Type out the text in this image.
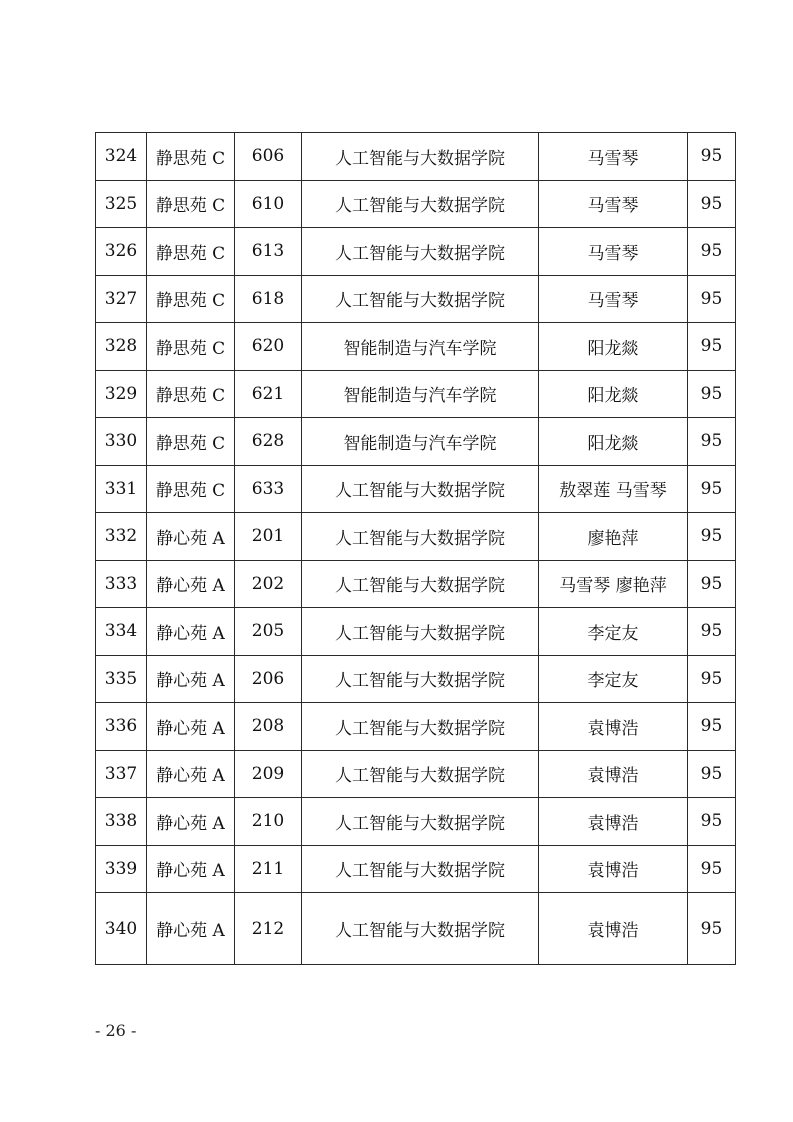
324	静思苑 C	606	人工智能与大数据学院	马雪琴	95
325	静思苑 C	610	人工智能与大数据学院	马雪琴	95
326	静思苑 C	613	人工智能与大数据学院	马雪琴	95
327	静思苑 C	618	人工智能与大数据学院	马雪琴	95
328	静思苑 C	620	智能制造与汽车学院	阳龙燚	95
329	静思苑 C	621	智能制造与汽车学院	阳龙燚	95
330	静思苑 C	628	智能制造与汽车学院	阳龙燚	95
331	静思苑 C	633	人工智能与大数据学院	敖翠莲 马雪琴	95
332	静心苑 A	201	人工智能与大数据学院	廖艳萍	95
333	静心苑 A	202	人工智能与大数据学院	马雪琴 廖艳萍	95
334	静心苑 A	205	人工智能与大数据学院	李定友	95
335	静心苑 A	206	人工智能与大数据学院	李定友	95
336	静心苑 A	208	人工智能与大数据学院	袁博浩	95
337	静心苑 A	209	人工智能与大数据学院	袁博浩	95
338	静心苑 A	210	人工智能与大数据学院	袁博浩	95
339	静心苑 A	211	人工智能与大数据学院	袁博浩	95
340	静心苑 A	212	人工智能与大数据学院	袁博浩	95
- 26 -
